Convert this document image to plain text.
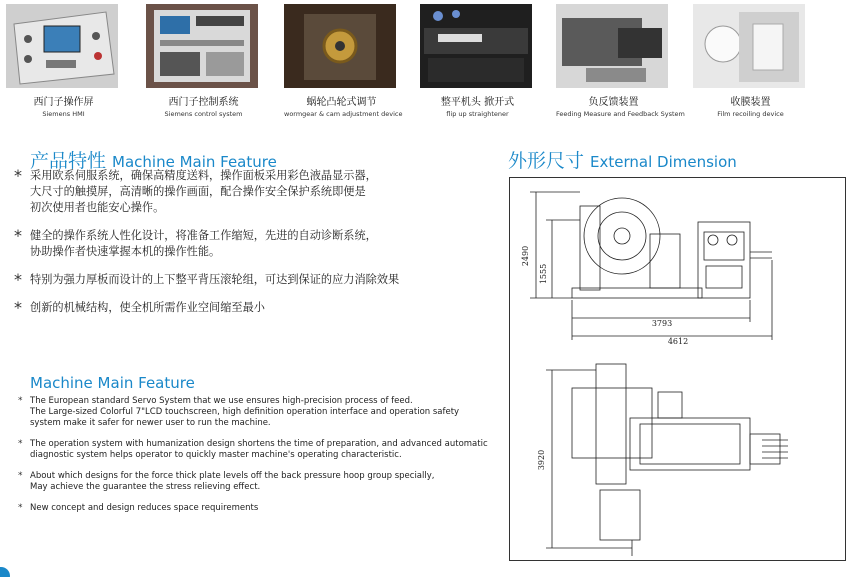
西门子操作屏
Siemens HMI
西门子控制系统
Siemens control system
蜗轮凸轮式调节
wormgear & cam adjustment device
整平机头 掀开式
flip up straightener
负反馈装置
Feeding Measure and Feedback System
收膜装置
Film recoiling device
产品特性 Machine Main Feature	外形尺寸 External Dimension
* 采用欧系伺服系统，确保高精度送料，操作面板采用彩色液晶显示器，
大尺寸的触摸屏，高清晰的操作画面，配合操作安全保护系统即便是
初次使用者也能安心操作。
* 健全的操作系统人性化设计，将准备工作缩短，先进的自动诊断系统，
协助操作者快速掌握本机的操作性能。
* 特别为强力厚板而设计的上下整平背压滚轮组，可达到保证的应力消除效果
* 创新的机械结构，使全机所需作业空间缩至最小
Machine Main Feature
* The European standard Servo System that we use ensures high-precision process of feed.
The Large-sized Colorful 7"LCD touchscreen, high definition operation interface and operation safety
system make it safer for newer user to run the machine.
* The operation system with humanization design shortens the time of preparation, and advanced automatic
diagnostic system helps operator to quickly master machine's operating characteristic.
* About which designs for the force thick plate levels off the back pressure hoop group specially,
May achieve the guarantee the stress relieving effect.
* New concept and design reduces space requirements
2490
1555
3793
4612
3920
